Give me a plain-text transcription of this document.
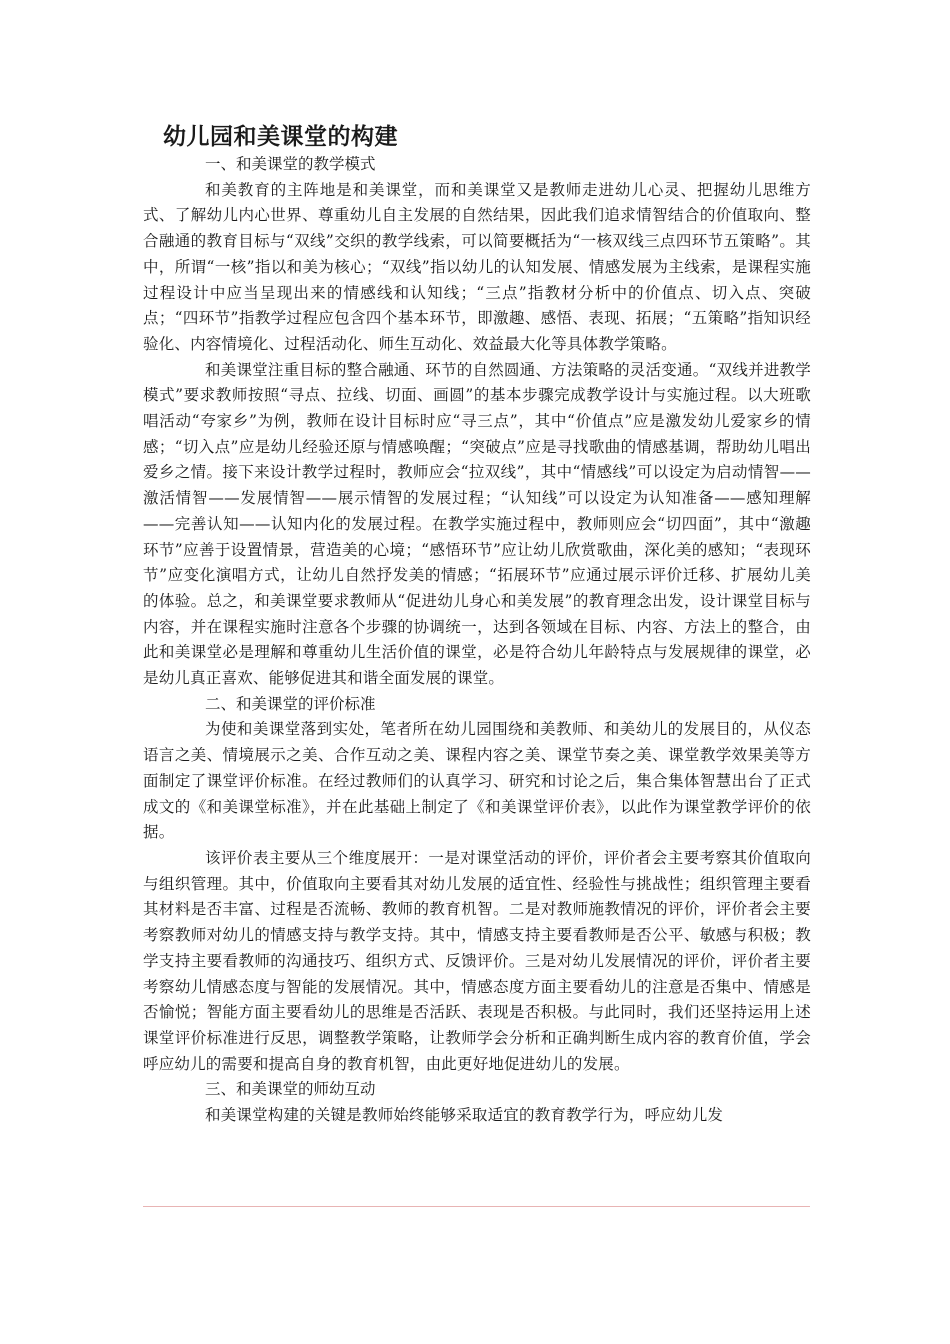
幼儿园和美课堂的构建

一、和美课堂的教学模式

和美教育的主阵地是和美课堂，而和美课堂又是教师走进幼儿心灵、把握幼儿思维方式、了解幼儿内心世界、尊重幼儿自主发展的自然结果，因此我们追求情智结合的价值取向、整合融通的教育目标与“双线”交织的教学线索，可以简要概括为“一核双线三点四环节五策略”。其中，所谓“一核”指以和美为核心；“双线”指以幼儿的认知发展、情感发展为主线索，是课程实施过程设计中应当呈现出来的情感线和认知线；“三点”指教材分析中的价值点、切入点、突破点；“四环节”指教学过程应包含四个基本环节，即激趣、感悟、表现、拓展；“五策略”指知识经验化、内容情境化、过程活动化、师生互动化、效益最大化等具体教学策略。

和美课堂注重目标的整合融通、环节的自然圆通、方法策略的灵活变通。“双线并进教学模式”要求教师按照“寻点、拉线、切面、画圆”的基本步骤完成教学设计与实施过程。以大班歌唱活动“夸家乡”为例，教师在设计目标时应“寻三点”，其中“价值点”应是激发幼儿爱家乡的情感；“切入点”应是幼儿经验还原与情感唤醒；“突破点”应是寻找歌曲的情感基调，帮助幼儿唱出爱乡之情。接下来设计教学过程时，教师应会“拉双线”，其中“情感线”可以设定为启动情智——激活情智——发展情智——展示情智的发展过程；“认知线”可以设定为认知准备——感知理解——完善认知——认知内化的发展过程。在教学实施过程中，教师则应会“切四面”，其中“激趣环节”应善于设置情景，营造美的心境；“感悟环节”应让幼儿欣赏歌曲，深化美的感知；“表现环节”应变化演唱方式，让幼儿自然抒发美的情感；“拓展环节”应通过展示评价迁移、扩展幼儿美的体验。总之，和美课堂要求教师从“促进幼儿身心和美发展”的教育理念出发，设计课堂目标与内容，并在课程实施时注意各个步骤的协调统一，达到各领域在目标、内容、方法上的整合，由此和美课堂必是理解和尊重幼儿生活价值的课堂，必是符合幼儿年龄特点与发展规律的课堂，必是幼儿真正喜欢、能够促进其和谐全面发展的课堂。

二、和美课堂的评价标准

为使和美课堂落到实处，笔者所在幼儿园围绕和美教师、和美幼儿的发展目的，从仪态语言之美、情境展示之美、合作互动之美、课程内容之美、课堂节奏之美、课堂教学效果美等方面制定了课堂评价标准。在经过教师们的认真学习、研究和讨论之后，集合集体智慧出台了正式成文的《和美课堂标准》，并在此基础上制定了《和美课堂评价表》，以此作为课堂教学评价的依据。

该评价表主要从三个维度展开：一是对课堂活动的评价，评价者会主要考察其价值取向与组织管理。其中，价值取向主要看其对幼儿发展的适宜性、经验性与挑战性；组织管理主要看其材料是否丰富、过程是否流畅、教师的教育机智。二是对教师施教情况的评价，评价者会主要考察教师对幼儿的情感支持与教学支持。其中，情感支持主要看教师是否公平、敏感与积极；教学支持主要看教师的沟通技巧、组织方式、反馈评价。三是对幼儿发展情况的评价，评价者主要考察幼儿情感态度与智能的发展情况。其中，情感态度方面主要看幼儿的注意是否集中、情感是否愉悦；智能方面主要看幼儿的思维是否活跃、表现是否积极。与此同时，我们还坚持运用上述课堂评价标准进行反思，调整教学策略，让教师学会分析和正确判断生成内容的教育价值，学会呼应幼儿的需要和提高自身的教育机智，由此更好地促进幼儿的发展。

三、和美课堂的师幼互动

和美课堂构建的关键是教师始终能够采取适宜的教育教学行为，呼应幼儿发
